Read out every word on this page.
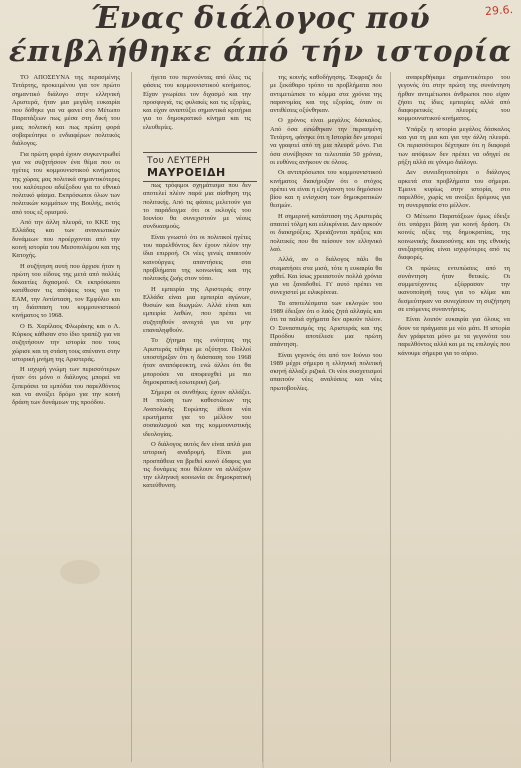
Ένας διάλογος πού
έπιβλήθηκε άπό τήν ιστορία
29.6.

ΤΟ ΑΠΟΣΕΥΝΑ της περασμένης Τετάρτης, προκειμένου για τον πρώτο σημαντικό διάλογο στην ελληνική Αριστερά, ήταν μια μεγάλη ευκαιρία που δόθηκε για να φανεί στο Μέτωπο Παρατάξεων πως μέσα στη δική του μιας πολιτική και πως πρώτη φορά σοβαρεύτηκε ο ενδιαφέρων πολιτικός διάλογος.

Για πρώτη φορά έχουν συγκεντρωθεί για να συζητήσουν ένα θέμα που οι ηγέτες του κομμουνιστικού κινήματος της χώρας μας πολιτικά σημαντικότερες του καλύτερου αδιέξοδου για το εθνικό πολιτικό φάσμα. Εκπρόσωποι όλων των πολιτικών κομμάτων της Βουλής, εκτός από τους εξ ορισμού.

Από την άλλη πλευρά, το ΚΚΕ της Ελλάδας και των ανανεωτικών δυνάμεων που προέρχονται από την κοινή ιστορία του Μεσοπολέμου και της Κατοχής.

Η συζήτηση αυτή που άρχισε ήταν η πρώτη του είδους της μετά από πολλές δεκαετίες διχασμού. Οι εκπρόσωποι κατέθεσαν τις απόψεις τους για το ΕΑΜ, την Αντίσταση, τον Εμφύλιο και τη διάσπαση του κομμουνιστικού κινήματος το 1968.

Ο Β. Χαρίλαος Φλωράκης και ο Λ. Κύρκος κάθισαν στο ίδιο τραπέζι για να συζητήσουν την ιστορία που τους χώρισε και τη στάση τους απέναντι στην ιστορική μνήμη της Αριστεράς.

Η ισχυρή γνώμη των περισσότερων ήταν ότι μόνο ο διάλογος μπορεί να ξεπεράσει τα εμπόδια του παρελθόντος και να ανοίξει δρόμο για την κοινή δράση των δυνάμεων της προόδου.

ήγετα του περνούντας από όλες τις φάσεις του κομμουνιστικού κινήματος. Είχαν γνωρίσει τον διχασμό και την προσφυγιά, τις φυλακές και τις εξορίες, και είχαν αναπτύξει σημαντικά κριτήρια για το δημοκρατικό κίνημα και τις ελευθερίες.

πως τρόφιμοι σχημάτισμα που δεν αποτελεί πλέον παρά μια αίσθηση της πολιτικής. Από τις φάσεις μελετούν για το παράδειγμα ότι οι εκλογές του Ιουνίου θα συνεχιστούν με νέους συνδυασμούς.

Είναι γνωστό ότι οι πολιτικοί ηγέτες του παρελθόντος δεν έχουν πλέον την ίδια επιρροή. Οι νέες γενιές απαιτούν καινούργιες απαντήσεις στα προβλήματα της κοινωνίας και της πολιτικής ζωής στον τόπο.

Η εμπειρία της Αριστεράς στην Ελλάδα είναι μια εμπειρία αγώνων, θυσιών και διωγμών. Αλλά είναι και εμπειρία λαθών, που πρέπει να συζητηθούν ανοιχτά για να μην επαναληφθούν.

Το ζήτημα της ενότητας της Αριστεράς τέθηκε με οξύτητα. Πολλοί υποστήριξαν ότι η διάσπαση του 1968 ήταν αναπόφευκτη, ενώ άλλοι ότι θα μπορούσε να αποφευχθεί με πιο δημοκρατική εσωτερική ζωή.

Σήμερα οι συνθήκες έχουν αλλάξει. Η πτώση των καθεστώτων της Ανατολικής Ευρώπης έθεσε νέα ερωτήματα για το μέλλον του σοσιαλισμού και της κομμουνιστικής ιδεολογίας.

Ο διάλογος αυτός δεν είναι απλά μια ιστορική αναδρομή. Είναι μια προσπάθεια να βρεθεί κοινό έδαφος για τις δυνάμεις που θέλουν να αλλάξουν την ελληνική κοινωνία σε δημοκρατική κατεύθυνση.

Του ΛΕΥΤΕΡΗ
ΜΑΥΡΟΕΙΔΗ

της κοινής καθοδήγησης. Έκφραζε δε με ξεκάθαρο τρόπο τα προβλήματα που αντιμετώπισε το κόμμα στα χρόνια της παρανομίας και της εξορίας, όταν οι αντιθέσεις οξύνθηκαν.

Ο χρόνος είναι μεγάλος δάσκαλος. Από όσα ειπώθηκαν την περασμένη Τετάρτη, φάνηκε ότι η Ιστορία δεν μπορεί να γραφτεί από τη μια πλευρά μόνο. Για όσα συνέβησαν τα τελευταία 50 χρόνια, οι ευθύνες ανήκουν σε όλους.

Οι αντιπρόσωποι του κομμουνιστικού κινήματος διακήρυξαν ότι ο στόχος πρέπει να είναι η εξυγίανση του δημόσιου βίου και η ενίσχυση των δημοκρατικών θεσμών.

Η σημερινή κατάσταση της Αριστεράς απαιτεί τόλμη και ειλικρίνεια. Δεν αρκούν οι διακηρύξεις. Χρειάζονται πράξεις και πολιτικές που θα πείσουν τον ελληνικό λαό.

Αλλά, αν ο διάλογος πάλι θα σταματήσει στα μισά, τότε η ευκαιρία θα χαθεί. Και ίσως χρειαστούν πολλά χρόνια για να ξαναδοθεί. Γι' αυτό πρέπει να συνεχιστεί με ειλικρίνεια.

Τα αποτελέσματα των εκλογών του 1989 έδειξαν ότι ο λαός ζητά αλλαγές και ότι τα παλιά σχήματα δεν αρκούν πλέον. Ο Συνασπισμός της Αριστεράς και της Προόδου αποτέλεσε μια πρώτη απάντηση.

Είναι γεγονός ότι από τον Ιούνιο του 1989 μέχρι σήμερα η ελληνική πολιτική σκηνή άλλαξε ριζικά. Οι νέοι συσχετισμοί απαιτούν νέες αναλύσεις και νέες πρωτοβουλίες.

αναφερθήκαμε σημαντικότερο του γεγονός ότι στην πρώτη της συνάντηση ήρθαν αντιμέτωποι άνθρωποι που είχαν ζήσει τις ίδιες εμπειρίες αλλά από διαφορετικές πλευρές του κομμουνιστικού κινήματος.

Υπάρξε η ιστορία μεγάλος δάσκαλος και για τη μια και για την άλλη πλευρά. Οι περισσότεροι δέχτηκαν ότι η διαφορά των απόψεων δεν πρέπει να οδηγεί σε ρήξη αλλά σε γόνιμο διάλογο.

Δεν συνειδητοποίησε ο διάλογος αρκετά στα προβλήματα του σήμερα. Έμεινε κυρίως στην ιστορία, στο παρελθόν, χωρίς να ανοίξει δρόμους για τη συνεργασία στο μέλλον.

Ο Μέτωπο Παρατάξεων όμως έδειξε ότι υπάρχει βάση για κοινή δράση. Οι κοινές αξίες της δημοκρατίας, της κοινωνικής δικαιοσύνης και της εθνικής ανεξαρτησίας είναι ισχυρότερες από τις διαφορές.

Οι πρώτες εντυπώσεις από τη συνάντηση ήταν θετικές. Οι συμμετέχοντες εξέφρασαν την ικανοποίησή τους για το κλίμα και δεσμεύτηκαν να συνεχίσουν τη συζήτηση σε επόμενες συναντήσεις.

Είναι λοιπόν ευκαιρία για όλους να δουν τα πράγματα με νέο μάτι. Η ιστορία δεν γράφεται μόνο με τα γεγονότα του παρελθόντος αλλά και με τις επιλογές που κάνουμε σήμερα για το αύριο.
